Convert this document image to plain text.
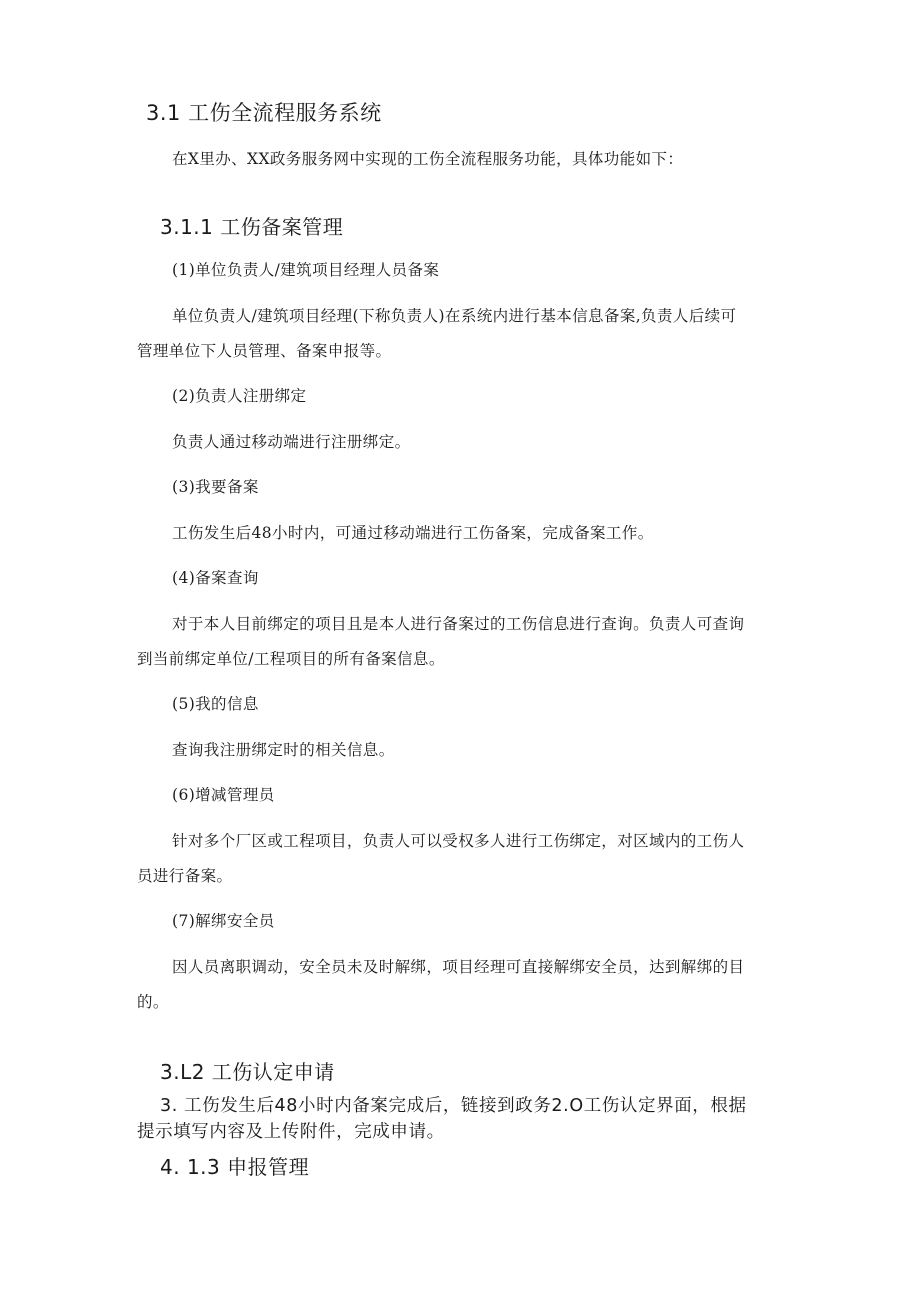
3.1 工伤全流程服务系统
在X里办、XX政务服务网中实现的工伤全流程服务功能，具体功能如下：
3.1.1 工伤备案管理
(1)单位负责人/建筑项目经理人员备案
单位负责人/建筑项目经理(下称负责人)在系统内进行基本信息备案,负责人后续可
管理单位下人员管理、备案申报等。
(2)负责人注册绑定
负责人通过移动端进行注册绑定。
(3)我要备案
工伤发生后48小时内，可通过移动端进行工伤备案，完成备案工作。
(4)备案查询
对于本人目前绑定的项目且是本人进行备案过的工伤信息进行查询。负责人可查询
到当前绑定单位/工程项目的所有备案信息。
(5)我的信息
查询我注册绑定时的相关信息。
(6)增减管理员
针对多个厂区或工程项目，负责人可以受权多人进行工伤绑定，对区域内的工伤人
员进行备案。
(7)解绑安全员
因人员离职调动，安全员未及时解绑，项目经理可直接解绑安全员，达到解绑的目
的。
3.L2 工伤认定申请
3. 工伤发生后48小时内备案完成后，链接到政务2.O工伤认定界面，根据
提示填写内容及上传附件，完成申请。
4. 1.3 申报管理
